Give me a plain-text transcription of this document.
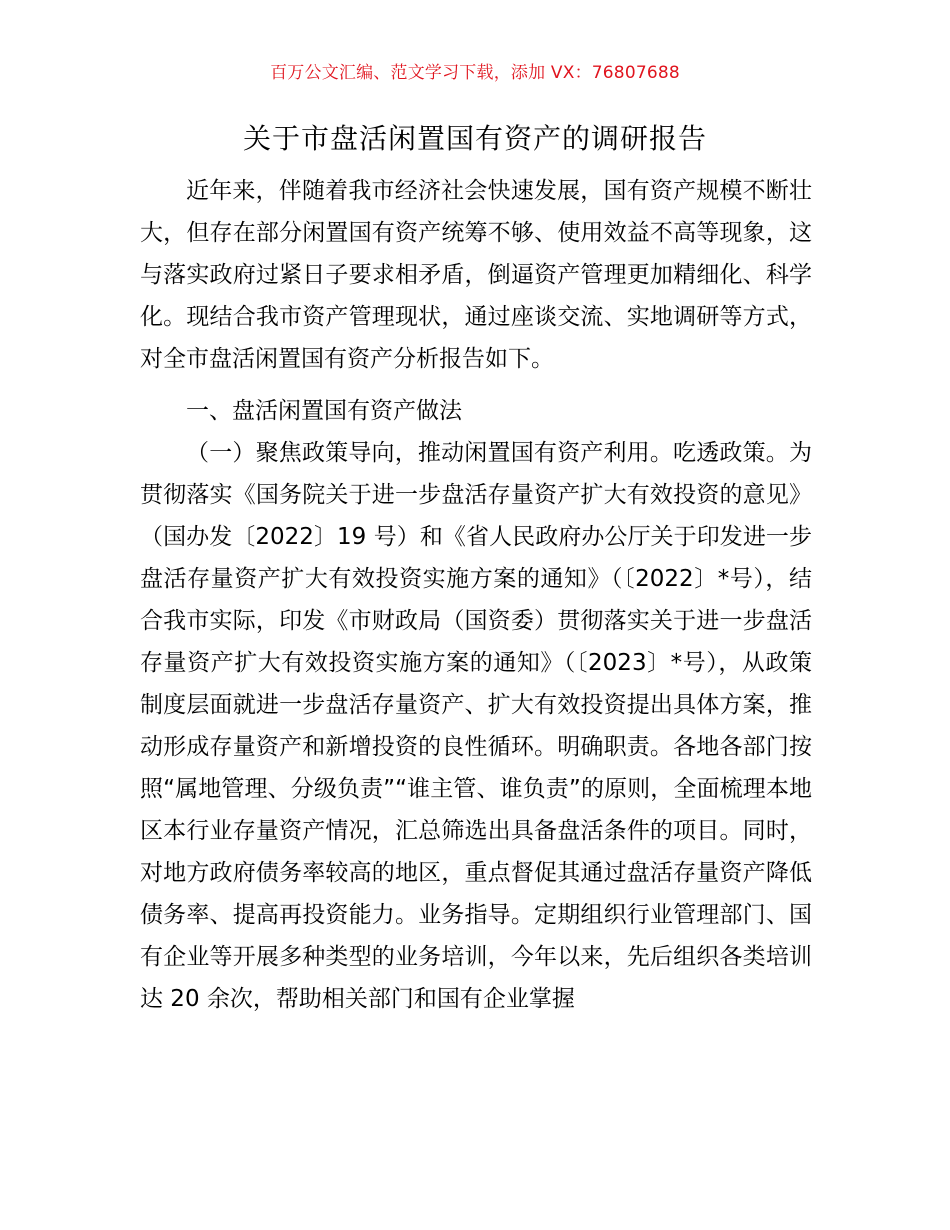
百万公文汇编、范文学习下载，添加 VX：76807688
关于市盘活闲置国有资产的调研报告

近年来，伴随着我市经济社会快速发展，国有资产规模不断壮大，但存在部分闲置国有资产统筹不够、使用效益不高等现象，这与落实政府过紧日子要求相矛盾，倒逼资产管理更加精细化、科学化。现结合我市资产管理现状，通过座谈交流、实地调研等方式，对全市盘活闲置国有资产分析报告如下。

一、盘活闲置国有资产做法

（一）聚焦政策导向，推动闲置国有资产利用。吃透政策。为贯彻落实《国务院关于进一步盘活存量资产扩大有效投资的意见》（国办发〔2022〕19 号）和《省人民政府办公厅关于印发进一步盘活存量资产扩大有效投资实施方案的通知》（〔2022〕*号），结合我市实际，印发《市财政局（国资委）贯彻落实关于进一步盘活存量资产扩大有效投资实施方案的通知》（〔2023〕*号），从政策制度层面就进一步盘活存量资产、扩大有效投资提出具体方案，推动形成存量资产和新增投资的良性循环。明确职责。各地各部门按照“属地管理、分级负责”“谁主管、谁负责”的原则，全面梳理本地区本行业存量资产情况，汇总筛选出具备盘活条件的项目。同时，对地方政府债务率较高的地区，重点督促其通过盘活存量资产降低债务率、提高再投资能力。业务指导。定期组织行业管理部门、国有企业等开展多种类型的业务培训，今年以来，先后组织各类培训达 20 余次，帮助相关部门和国有企业掌握
